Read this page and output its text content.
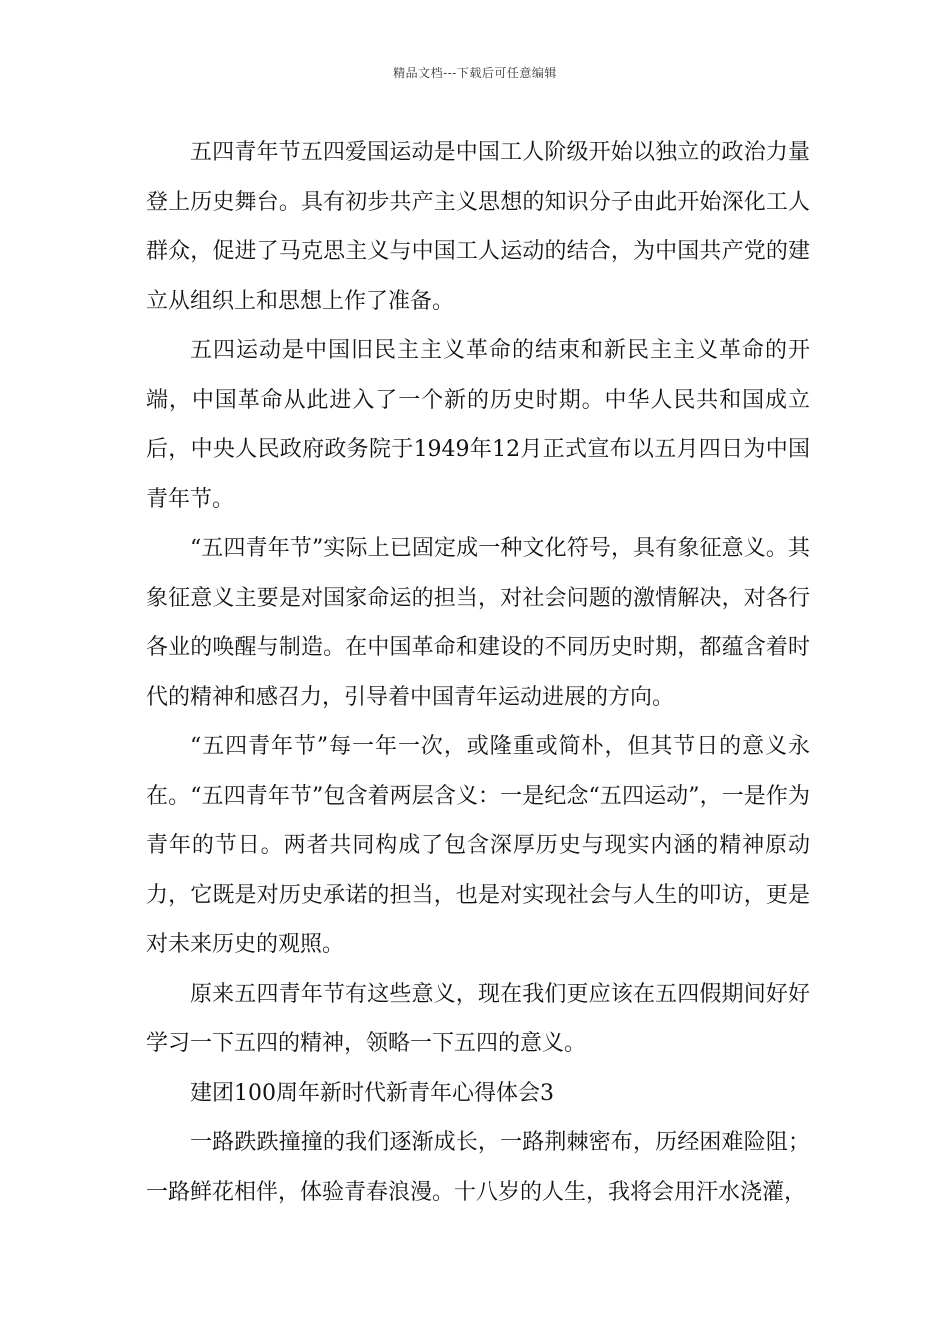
精品文档---下载后可任意编辑

五四青年节五四爱国运动是中国工人阶级开始以独立的政治力量登上历史舞台。具有初步共产主义思想的知识分子由此开始深化工人群众，促进了马克思主义与中国工人运动的结合，为中国共产党的建立从组织上和思想上作了准备。

五四运动是中国旧民主主义革命的结束和新民主主义革命的开端，中国革命从此进入了一个新的历史时期。中华人民共和国成立后，中央人民政府政务院于1949年12月正式宣布以五月四日为中国青年节。

“五四青年节”实际上已固定成一种文化符号，具有象征意义。其象征意义主要是对国家命运的担当，对社会问题的激情解决，对各行各业的唤醒与制造。在中国革命和建设的不同历史时期，都蕴含着时代的精神和感召力，引导着中国青年运动进展的方向。

“五四青年节”每一年一次，或隆重或简朴，但其节日的意义永在。“五四青年节”包含着两层含义：一是纪念“五四运动”，一是作为青年的节日。两者共同构成了包含深厚历史与现实内涵的精神原动力，它既是对历史承诺的担当，也是对实现社会与人生的叩访，更是对未来历史的观照。

原来五四青年节有这些意义，现在我们更应该在五四假期间好好学习一下五四的精神，领略一下五四的意义。

建团100周年新时代新青年心得体会3

一路跌跌撞撞的我们逐渐成长，一路荆棘密布，历经困难险阻；一路鲜花相伴，体验青春浪漫。十八岁的人生，我将会用汗水浇灌，
